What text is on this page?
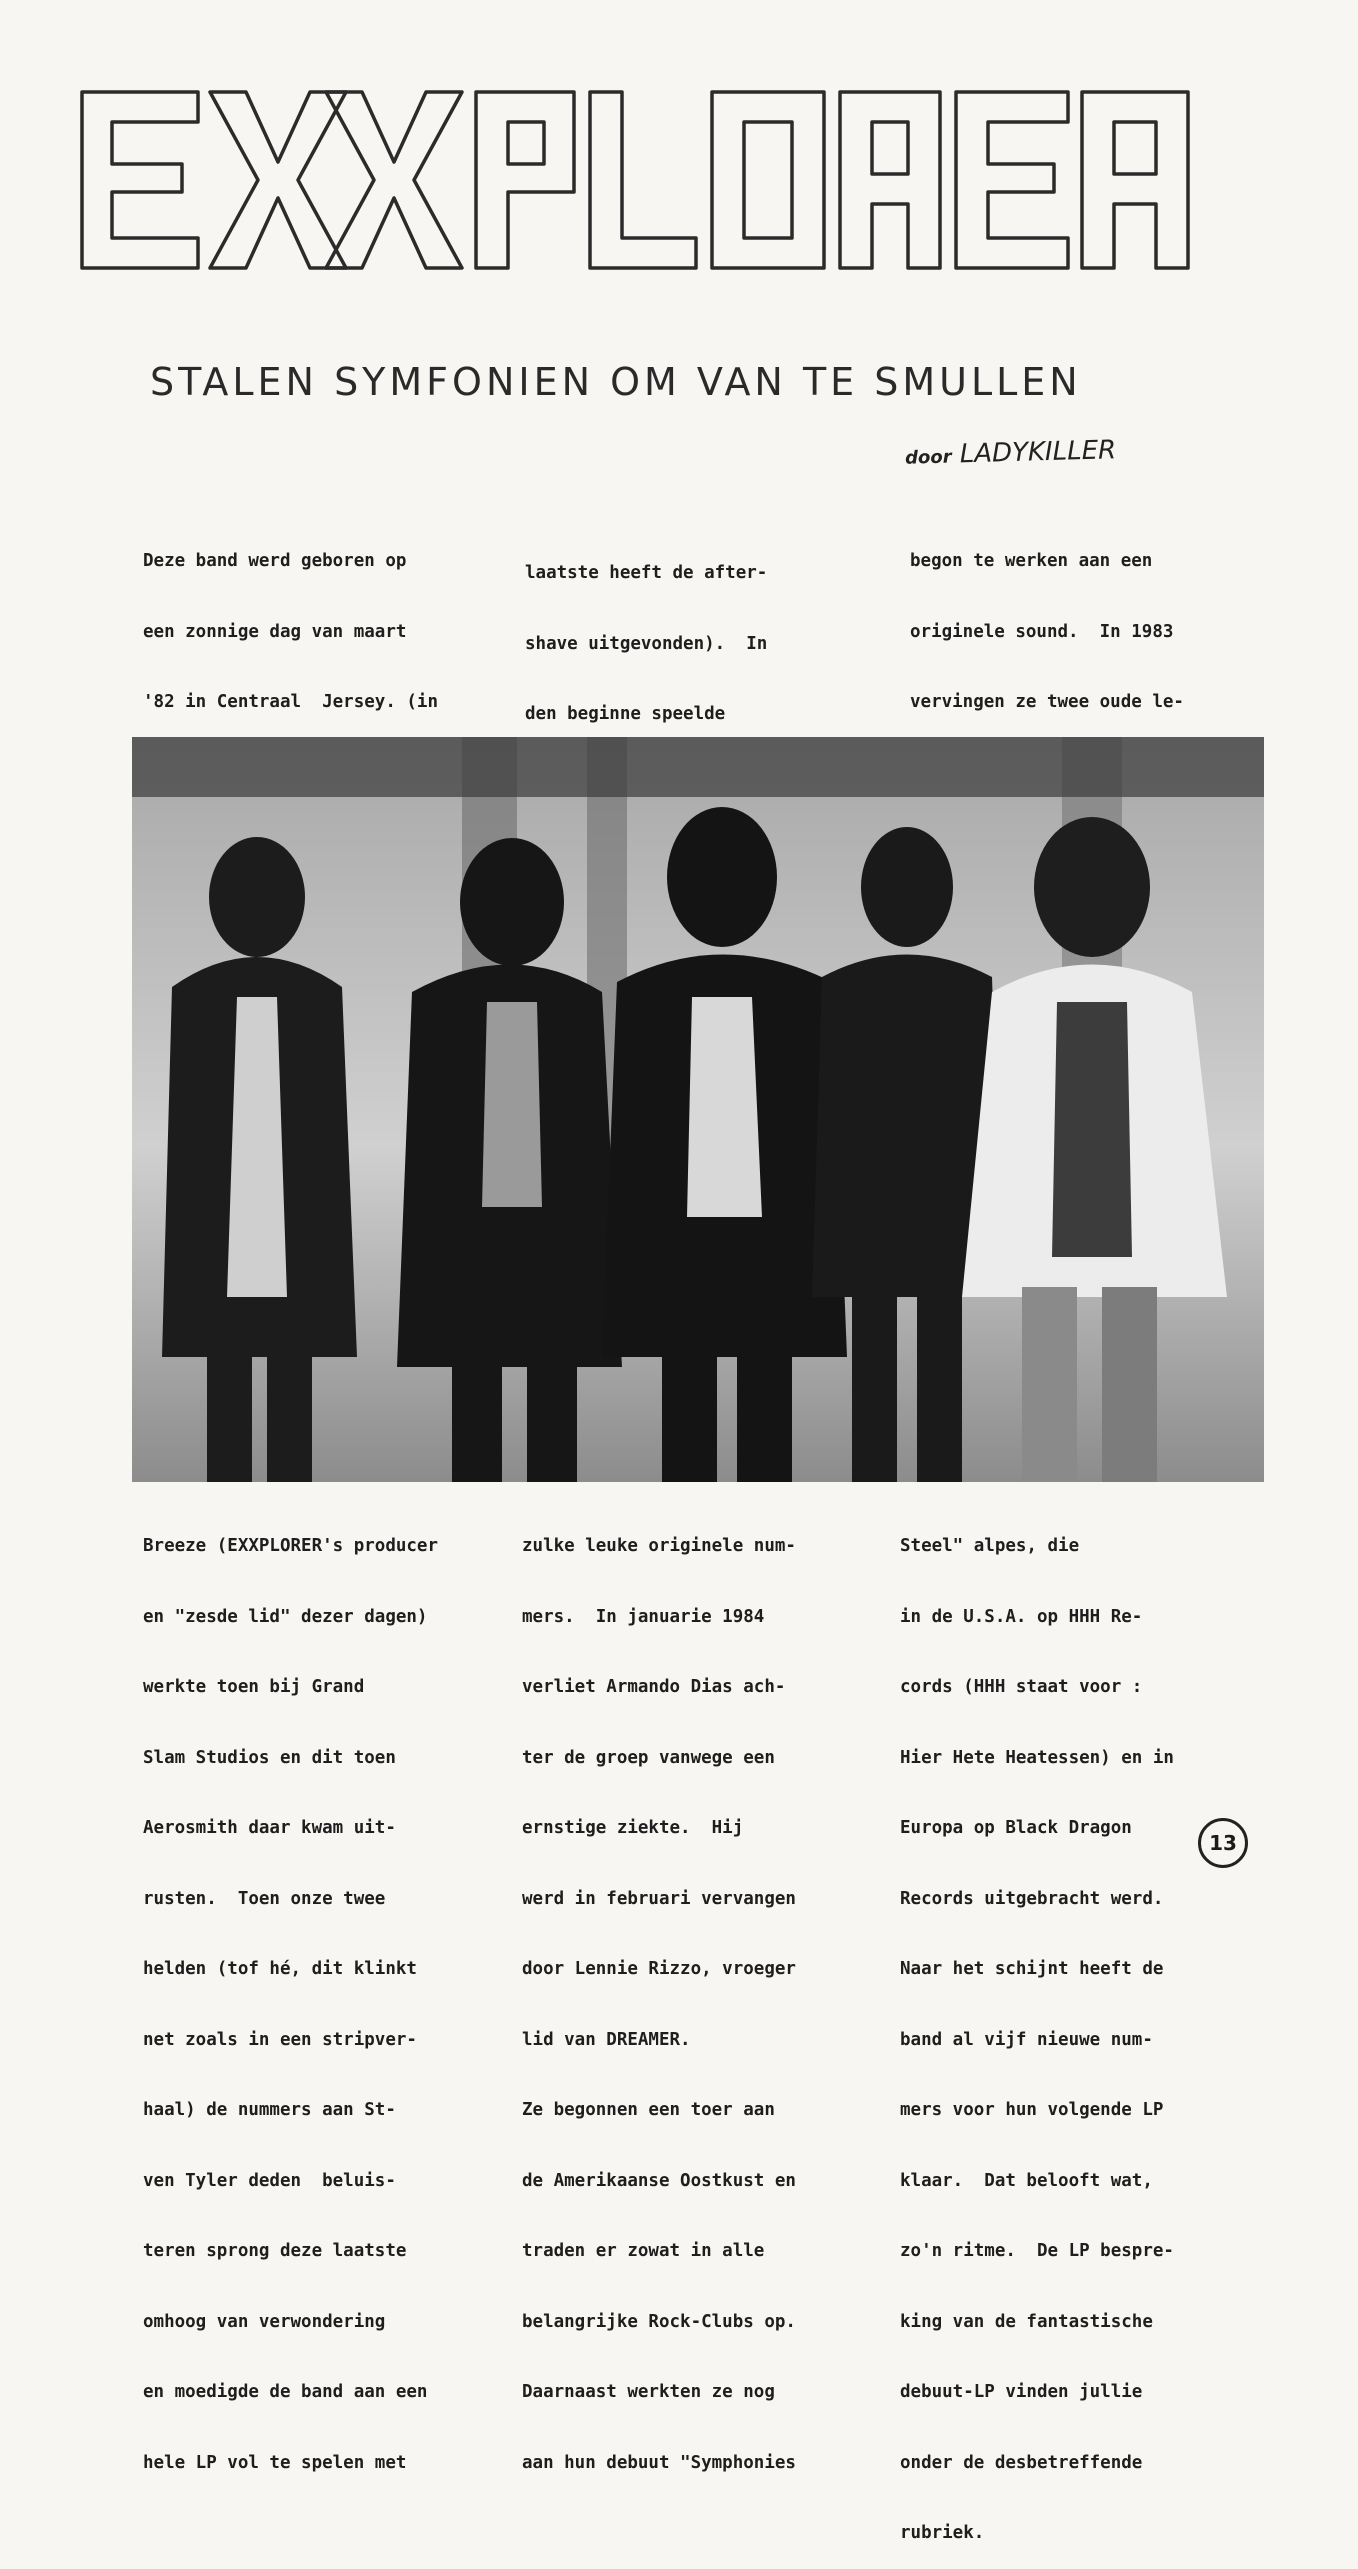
STALEN SYMFONIEN OM VAN TE SMULLEN
door LADYKILLER

Deze band werd geboren op

een zonnige dag van maart

'82 in Centraal  Jersey. (in

laatste heeft de after-

shave uitgevonden).  In

den beginne speelde

begon te werken aan een

originele sound.  In 1983

vervingen ze twee oude le-

Breeze (EXXPLORER's producer

en "zesde lid" dezer dagen)

werkte toen bij Grand

Slam Studios en dit toen

Aerosmith daar kwam uit-

rusten.  Toen onze twee

helden (tof hé, dit klinkt

net zoals in een stripver-

haal) de nummers aan St-

ven Tyler deden  beluis-

teren sprong deze laatste

omhoog van verwondering

en moedigde de band aan een

hele LP vol te spelen met

zulke leuke originele num-

mers.  In januarie 1984

verliet Armando Dias ach-

ter de groep vanwege een

ernstige ziekte.  Hij

werd in februari vervangen

door Lennie Rizzo, vroeger

lid van DREAMER.

Ze begonnen een toer aan

de Amerikaanse Oostkust en

traden er zowat in alle

belangrijke Rock-Clubs op.

Daarnaast werkten ze nog

aan hun debuut "Symphonies

Steel" alpes, die

in de U.S.A. op HHH Re-

cords (HHH staat voor :

Hier Hete Heatessen) en in

Europa op Black Dragon

Records uitgebracht werd.

Naar het schijnt heeft de

band al vijf nieuwe num-

mers voor hun volgende LP

klaar.  Dat belooft wat,

zo'n ritme.  De LP bespre-

king van de fantastische

debuut-LP vinden jullie

onder de desbetreffende

rubriek.

13
